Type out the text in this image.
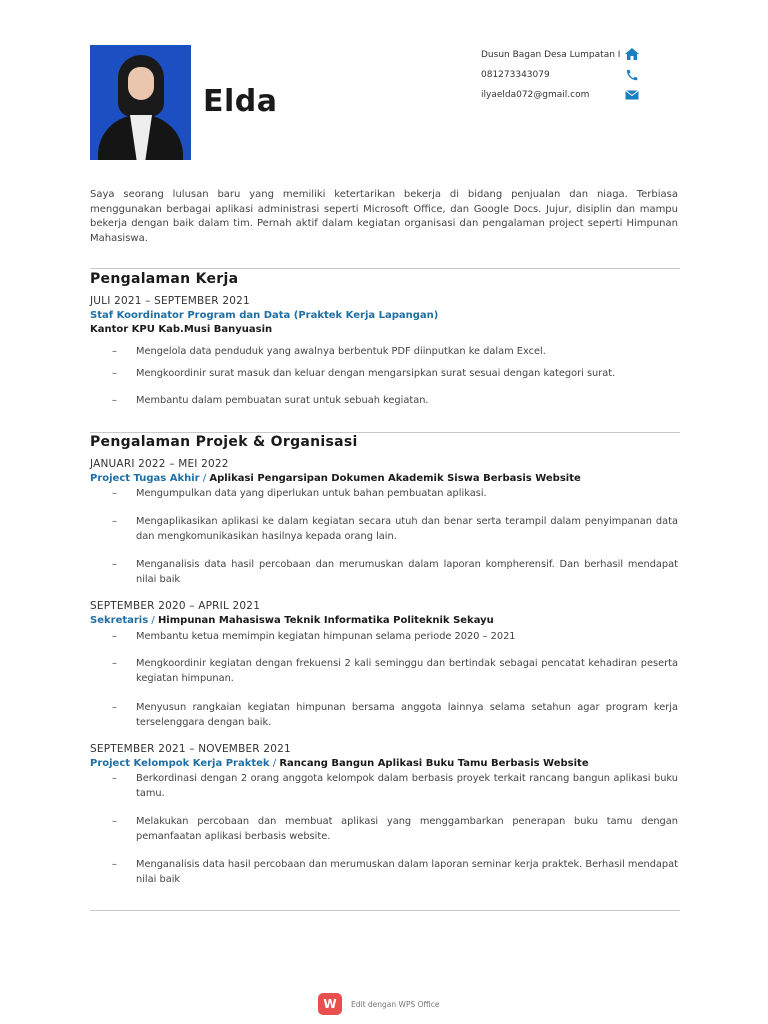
Elda
Dusun Bagan Desa Lumpatan I
081273343079
ilyaelda072@gmail.com
Saya seorang lulusan baru yang memiliki ketertarikan bekerja di bidang penjualan dan niaga. Terbiasa menggunakan berbagai aplikasi administrasi seperti Microsoft Office, dan Google Docs. Jujur, disiplin dan mampu bekerja dengan baik dalam tim. Pernah aktif dalam kegiatan organisasi dan pengalaman project seperti Himpunan Mahasiswa.
Pengalaman Kerja
JULI 2021 – SEPTEMBER 2021
Staf Koordinator Program dan Data (Praktek Kerja Lapangan)
Kantor KPU Kab.Musi Banyuasin
– Mengelola data penduduk yang awalnya berbentuk PDF diinputkan ke dalam Excel.
– Mengkoordinir surat masuk dan keluar dengan mengarsipkan surat sesuai dengan kategori surat.
– Membantu dalam pembuatan surat untuk sebuah kegiatan.
Pengalaman Projek & Organisasi
JANUARI 2022 – MEI 2022
Project Tugas Akhir / Aplikasi Pengarsipan Dokumen Akademik Siswa Berbasis Website
– Mengumpulkan data yang diperlukan untuk bahan pembuatan aplikasi.
– Mengaplikasikan aplikasi ke dalam kegiatan secara utuh dan benar serta terampil dalam penyimpanan data dan mengkomunikasikan hasilnya kepada orang lain.
– Menganalisis data hasil percobaan dan merumuskan dalam laporan kompherensif. Dan berhasil mendapat nilai baik
SEPTEMBER 2020 – APRIL 2021
Sekretaris / Himpunan Mahasiswa Teknik Informatika Politeknik Sekayu
– Membantu ketua memimpin kegiatan himpunan selama periode 2020 – 2021
– Mengkoordinir kegiatan dengan frekuensi 2 kali seminggu dan bertindak sebagai pencatat kehadiran peserta kegiatan himpunan.
– Menyusun rangkaian kegiatan himpunan bersama anggota lainnya selama setahun agar program kerja terselenggara dengan baik.
SEPTEMBER 2021 – NOVEMBER 2021
Project Kelompok Kerja Praktek / Rancang Bangun Aplikasi Buku Tamu Berbasis Website
– Berkordinasi dengan 2 orang anggota kelompok dalam berbasis proyek terkait rancang bangun aplikasi buku tamu.
– Melakukan percobaan dan membuat aplikasi yang menggambarkan penerapan buku tamu dengan pemanfaatan aplikasi berbasis website.
– Menganalisis data hasil percobaan dan merumuskan dalam laporan seminar kerja praktek. Berhasil mendapat nilai baik
W	Edit dengan WPS Office
